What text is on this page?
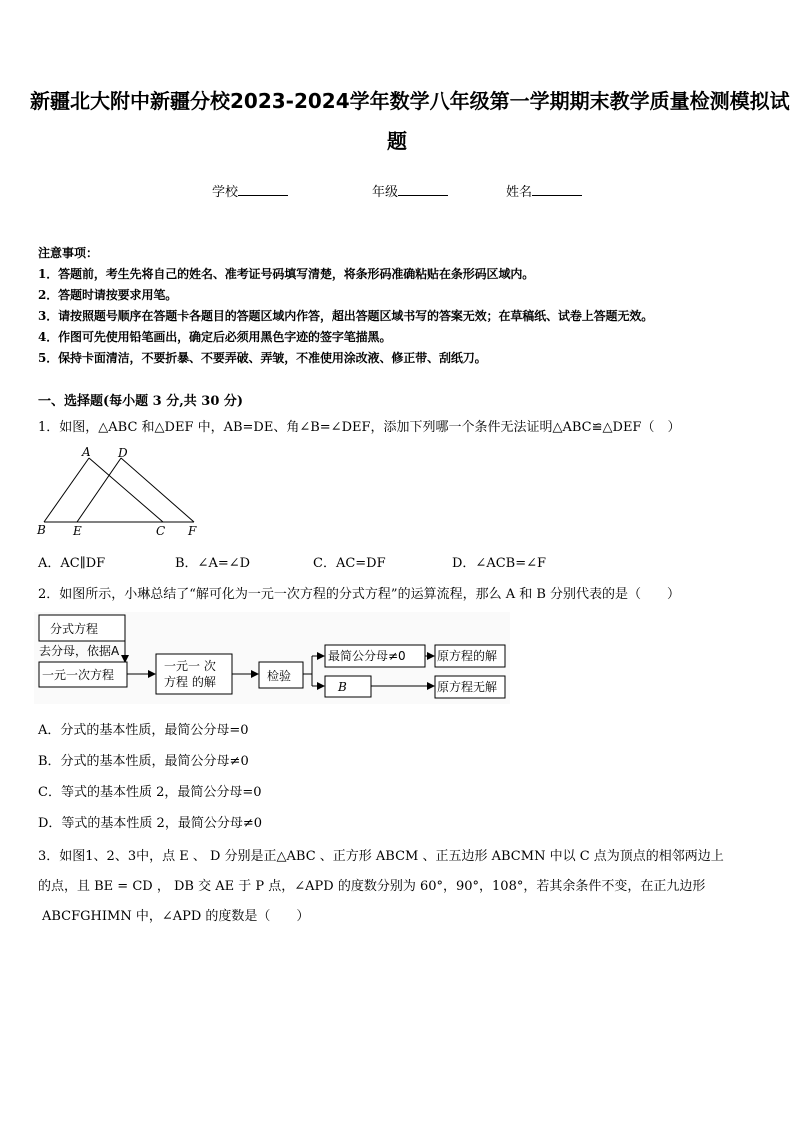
新疆北大附中新疆分校2023-2024学年数学八年级第一学期期末教学质量检测模拟试
题
学校	年级	姓名
注意事项：
1．答题前，考生先将自己的姓名、准考证号码填写清楚，将条形码准确粘贴在条形码区域内。
2．答题时请按要求用笔。
3．请按照题号顺序在答题卡各题目的答题区域内作答，超出答题区域书写的答案无效；在草稿纸、试卷上答题无效。
4．作图可先使用铅笔画出，确定后必须用黑色字迹的签字笔描黑。
5．保持卡面清洁，不要折暴、不要弄破、弄皱，不准使用涂改液、修正带、刮纸刀。
一、选择题(每小题 3 分,共 30 分)
1．如图，△ABC 和△DEF 中，AB=DE、角∠B=∠DEF，添加下列哪一个条件无法证明△ABC≌△DEF（　）
A D
B E	C F
A．AC∥DF	B．∠A=∠D	C．AC=DF	D．∠ACB=∠F
2．如图所示，小琳总结了“解可化为一元一次方程的分式方程”的运算流程，那么 A 和 B 分别代表的是（　　）
分式方程
去分母，依据A
一元一次方程
一元一 次
方程 的解	检验
最简公分母≠0
B
原方程的解
原方程无解
A．分式的基本性质，最简公分母=0
B．分式的基本性质，最简公分母≠0
C．等式的基本性质 2，最简公分母=0
D．等式的基本性质 2，最简公分母≠0
3．如图1、2、3中，点 E 、 D 分别是正△ABC 、正方形 ABCM 、正五边形 ABCMN 中以 C 点为顶点的相邻两边上
的点，且 BE = CD ， DB 交 AE 于 P 点，∠APD 的度数分别为 60°，90°，108°，若其余条件不变，在正九边形
ABCFGHIMN 中，∠APD 的度数是（　　）
